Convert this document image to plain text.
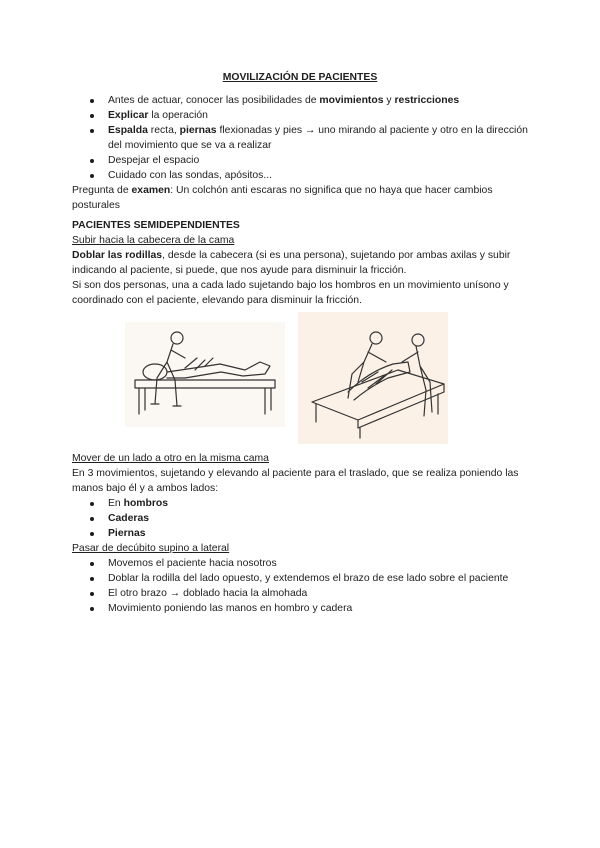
MOVILIZACIÓN DE PACIENTES
Antes de actuar, conocer las posibilidades de movimientos y restricciones
Explicar la operación
Espalda recta, piernas flexionadas y pies → uno mirando al paciente y otro en la dirección del movimiento que se va a realizar
Despejar el espacio
Cuidado con las sondas, apósitos...

Pregunta de examen: Un colchón anti escaras no significa que no haya que hacer cambios posturales

PACIENTES SEMIDEPENDIENTES

Subir hacia la cabecera de la cama

Doblar las rodillas, desde la cabecera (si es una persona), sujetando por ambas axilas y subir indicando al paciente, si puede, que nos ayude para disminuir la fricción.

Si son dos personas, una a cada lado sujetando bajo los hombros en un movimiento unísono y coordinado con el paciente, elevando para disminuir la fricción.

Mover de un lado a otro en la misma cama

En 3 movimientos, sujetando y elevando al paciente para el traslado, que se realiza poniendo las manos bajo él y a ambos lados:

En hombros
Caderas
Piernas

Pasar de decúbito supino a lateral

Movemos el paciente hacia nosotros
Doblar la rodilla del lado opuesto, y extendemos el brazo de ese lado sobre el paciente
El otro brazo → doblado hacia la almohada
Movimiento poniendo las manos en hombro y cadera
